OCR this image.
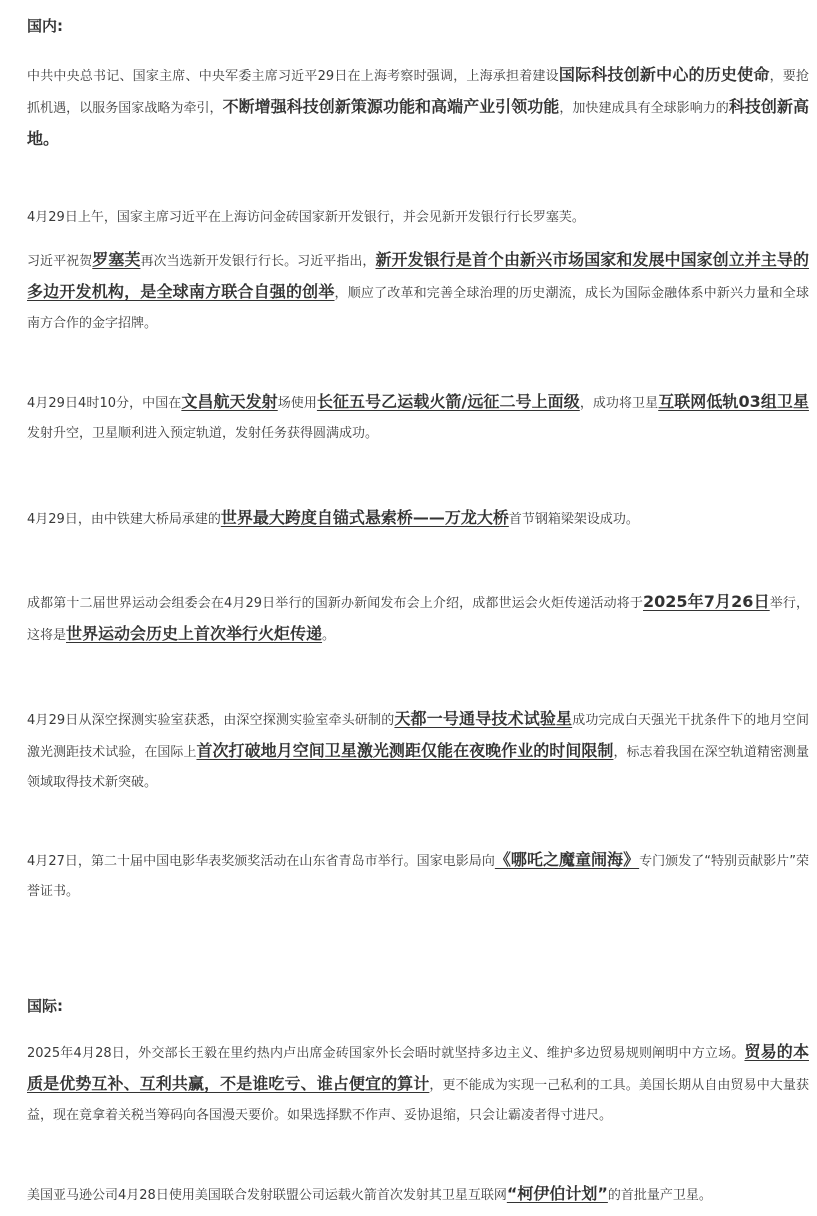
国内:

中共中央总书记、国家主席、中央军委主席习近平29日在上海考察时强调，上海承担着建设国际科技创新中心的历史使命，要抢抓机遇，以服务国家战略为牵引，不断增强科技创新策源功能和高端产业引领功能，加快建成具有全球影响力的科技创新高地。

4月29日上午，国家主席习近平在上海访问金砖国家新开发银行，并会见新开发银行行长罗塞芙。

习近平祝贺罗塞芙再次当选新开发银行行长。习近平指出，新开发银行是首个由新兴市场国家和发展中国家创立并主导的多边开发机构，是全球南方联合自强的创举，顺应了改革和完善全球治理的历史潮流，成长为国际金融体系中新兴力量和全球南方合作的金字招牌。

4月29日4时10分，中国在文昌航天发射场使用长征五号乙运载火箭/远征二号上面级，成功将卫星互联网低轨03组卫星发射升空，卫星顺利进入预定轨道，发射任务获得圆满成功。

4月29日，由中铁建大桥局承建的世界最大跨度自锚式悬索桥——万龙大桥首节钢箱梁架设成功。

成都第十二届世界运动会组委会在4月29日举行的国新办新闻发布会上介绍，成都世运会火炬传递活动将于2025年7月26日举行，这将是世界运动会历史上首次举行火炬传递。

4月29日从深空探测实验室获悉，由深空探测实验室牵头研制的天都一号通导技术试验星成功完成白天强光干扰条件下的地月空间激光测距技术试验，在国际上首次打破地月空间卫星激光测距仅能在夜晚作业的时间限制，标志着我国在深空轨道精密测量领域取得技术新突破。

4月27日，第二十届中国电影华表奖颁奖活动在山东省青岛市举行。国家电影局向《哪吒之魔童闹海》专门颁发了“特别贡献影片”荣誉证书。

国际:

2025年4月28日，外交部长王毅在里约热内卢出席金砖国家外长会晤时就坚持多边主义、维护多边贸易规则阐明中方立场。贸易的本质是优势互补、互利共赢，不是谁吃亏、谁占便宜的算计，更不能成为实现一己私利的工具。美国长期从自由贸易中大量获益，现在竟拿着关税当筹码向各国漫天要价。如果选择默不作声、妥协退缩，只会让霸凌者得寸进尺。

美国亚马逊公司4月28日使用美国联合发射联盟公司运载火箭首次发射其卫星互联网“柯伊伯计划”的首批量产卫星。
